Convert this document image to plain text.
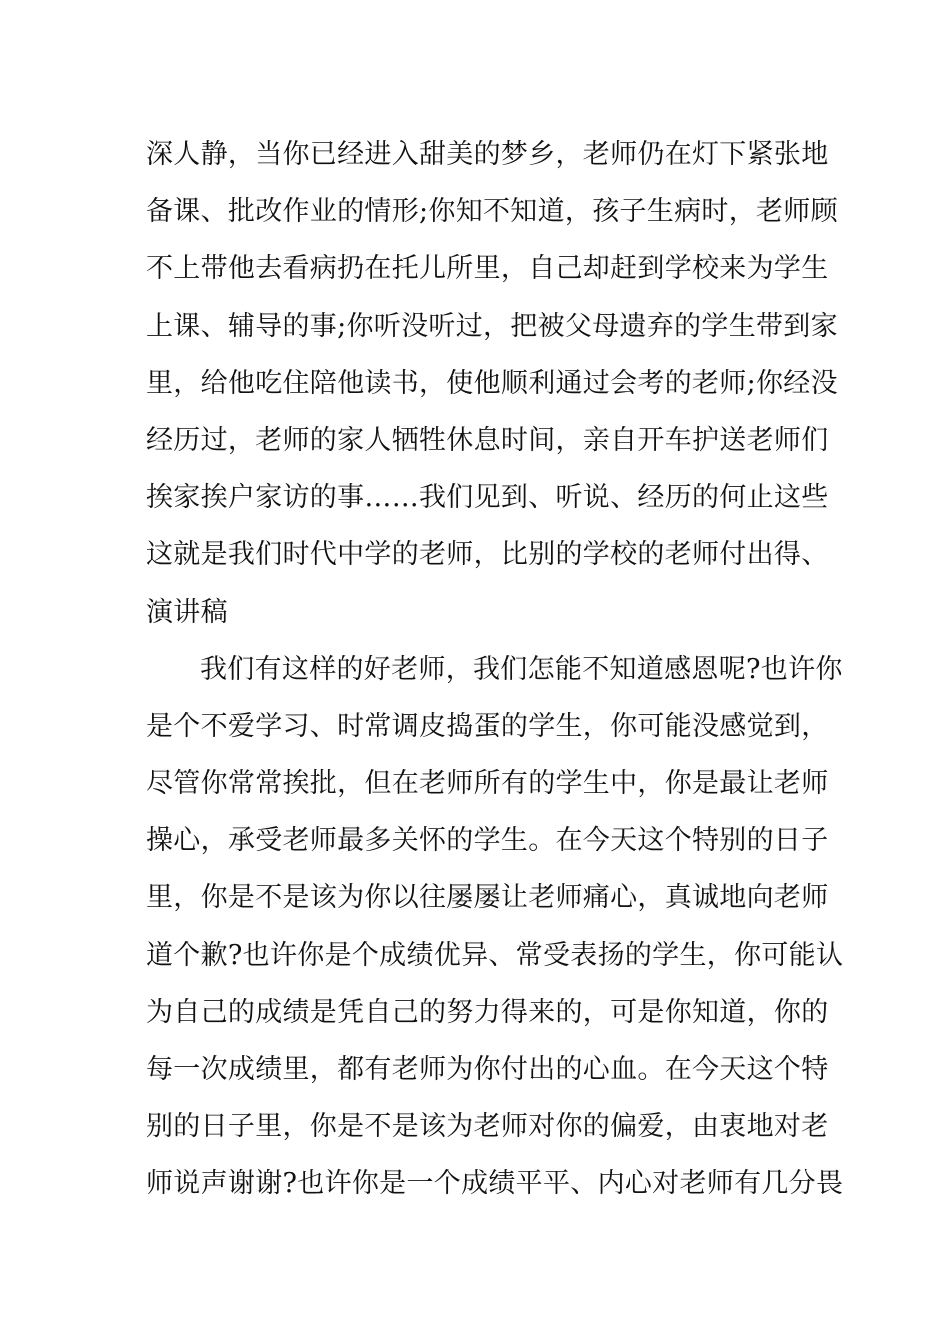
深人静，当你已经进入甜美的梦乡，老师仍在灯下紧张地
备课、批改作业的情形;你知不知道，孩子生病时，老师顾
不上带他去看病扔在托儿所里，自己却赶到学校来为学生
上课、辅导的事;你听没听过，把被父母遗弃的学生带到家
里，给他吃住陪他读书，使他顺利通过会考的老师;你经没
经历过，老师的家人牺牲休息时间，亲自开车护送老师们
挨家挨户家访的事……我们见到、听说、经历的何止这些
这就是我们时代中学的老师，比别的学校的老师付出得、
演讲稿
我们有这样的好老师，我们怎能不知道感恩呢?也许你
是个不爱学习、时常调皮捣蛋的学生，你可能没感觉到，
尽管你常常挨批，但在老师所有的学生中，你是最让老师
操心，承受老师最多关怀的学生。在今天这个特别的日子
里，你是不是该为你以往屡屡让老师痛心，真诚地向老师
道个歉?也许你是个成绩优异、常受表扬的学生，你可能认
为自己的成绩是凭自己的努力得来的，可是你知道，你的
每一次成绩里，都有老师为你付出的心血。在今天这个特
别的日子里，你是不是该为老师对你的偏爱，由衷地对老
师说声谢谢?也许你是一个成绩平平、内心对老师有几分畏
